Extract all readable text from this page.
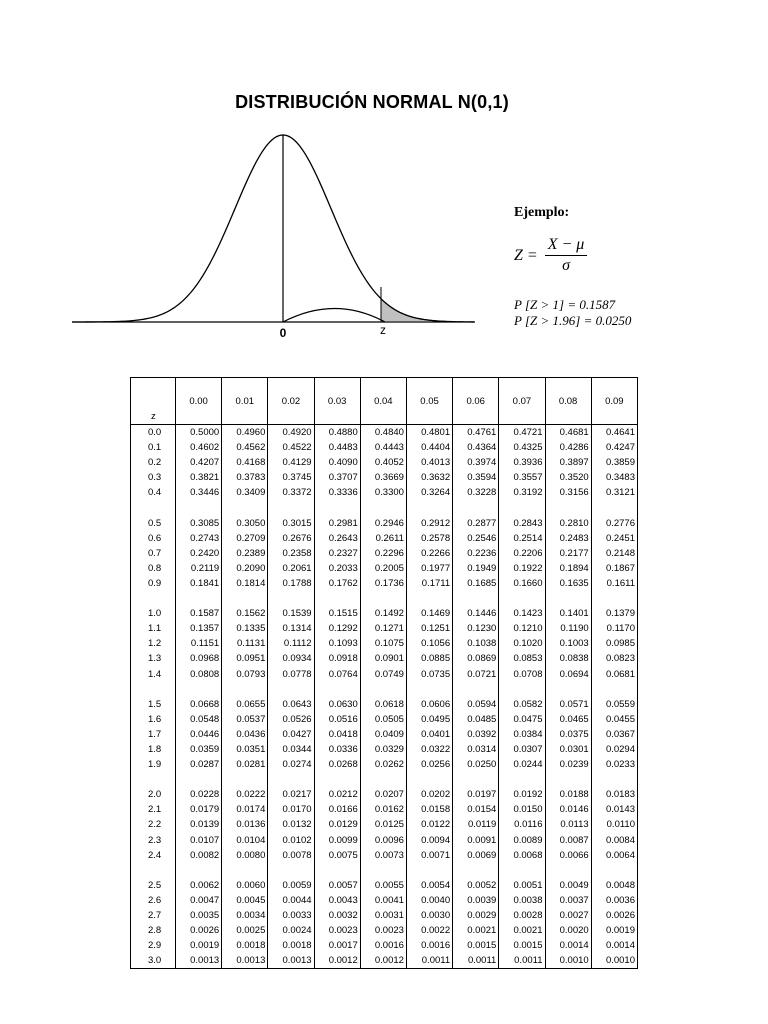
DISTRIBUCIÓN NORMAL N(0,1)
0	z
Ejemplo:
$Z = \frac{X - \mu}{\sigma}$
P [Z > 1] = 0.1587
P [Z > 1.96] = 0.0250
z	0.00	0.01	0.02	0.03	0.04	0.05	0.06	0.07	0.08	0.09
0.0	0.5000	0.4960	0.4920	0.4880	0.4840	0.4801	0.4761	0.4721	0.4681	0.4641
0.1	0.4602	0.4562	0.4522	0.4483	0.4443	0.4404	0.4364	0.4325	0.4286	0.4247
0.2	0.4207	0.4168	0.4129	0.4090	0.4052	0.4013	0.3974	0.3936	0.3897	0.3859
0.3	0.3821	0.3783	0.3745	0.3707	0.3669	0.3632	0.3594	0.3557	0.3520	0.3483
0.4	0.3446	0.3409	0.3372	0.3336	0.3300	0.3264	0.3228	0.3192	0.3156	0.3121

0.5	0.3085	0.3050	0.3015	0.2981	0.2946	0.2912	0.2877	0.2843	0.2810	0.2776
0.6	0.2743	0.2709	0.2676	0.2643	0.2611	0.2578	0.2546	0.2514	0.2483	0.2451
0.7	0.2420	0.2389	0.2358	0.2327	0.2296	0.2266	0.2236	0.2206	0.2177	0.2148
0.8	0.2119	0.2090	0.2061	0.2033	0.2005	0.1977	0.1949	0.1922	0.1894	0.1867
0.9	0.1841	0.1814	0.1788	0.1762	0.1736	0.1711	0.1685	0.1660	0.1635	0.1611

1.0	0.1587	0.1562	0.1539	0.1515	0.1492	0.1469	0.1446	0.1423	0.1401	0.1379
1.1	0.1357	0.1335	0.1314	0.1292	0.1271	0.1251	0.1230	0.1210	0.1190	0.1170
1.2	0.1151	0.1131	0.1112	0.1093	0.1075	0.1056	0.1038	0.1020	0.1003	0.0985
1.3	0.0968	0.0951	0.0934	0.0918	0.0901	0.0885	0.0869	0.0853	0.0838	0.0823
1.4	0.0808	0.0793	0.0778	0.0764	0.0749	0.0735	0.0721	0.0708	0.0694	0.0681

1.5	0.0668	0.0655	0.0643	0.0630	0.0618	0.0606	0.0594	0.0582	0.0571	0.0559
1.6	0.0548	0.0537	0.0526	0.0516	0.0505	0.0495	0.0485	0.0475	0.0465	0.0455
1.7	0.0446	0.0436	0.0427	0.0418	0.0409	0.0401	0.0392	0.0384	0.0375	0.0367
1.8	0.0359	0.0351	0.0344	0.0336	0.0329	0.0322	0.0314	0.0307	0.0301	0.0294
1.9	0.0287	0.0281	0.0274	0.0268	0.0262	0.0256	0.0250	0.0244	0.0239	0.0233

2.0	0.0228	0.0222	0.0217	0.0212	0.0207	0.0202	0.0197	0.0192	0.0188	0.0183
2.1	0.0179	0.0174	0.0170	0.0166	0.0162	0.0158	0.0154	0.0150	0.0146	0.0143
2.2	0.0139	0.0136	0.0132	0.0129	0.0125	0.0122	0.0119	0.0116	0.0113	0.0110
2.3	0.0107	0.0104	0.0102	0.0099	0.0096	0.0094	0.0091	0.0089	0.0087	0.0084
2.4	0.0082	0.0080	0.0078	0.0075	0.0073	0.0071	0.0069	0.0068	0.0066	0.0064

2.5	0.0062	0.0060	0.0059	0.0057	0.0055	0.0054	0.0052	0.0051	0.0049	0.0048
2.6	0.0047	0.0045	0.0044	0.0043	0.0041	0.0040	0.0039	0.0038	0.0037	0.0036
2.7	0.0035	0.0034	0.0033	0.0032	0.0031	0.0030	0.0029	0.0028	0.0027	0.0026
2.8	0.0026	0.0025	0.0024	0.0023	0.0023	0.0022	0.0021	0.0021	0.0020	0.0019
2.9	0.0019	0.0018	0.0018	0.0017	0.0016	0.0016	0.0015	0.0015	0.0014	0.0014
3.0	0.0013	0.0013	0.0013	0.0012	0.0012	0.0011	0.0011	0.0011	0.0010	0.0010
